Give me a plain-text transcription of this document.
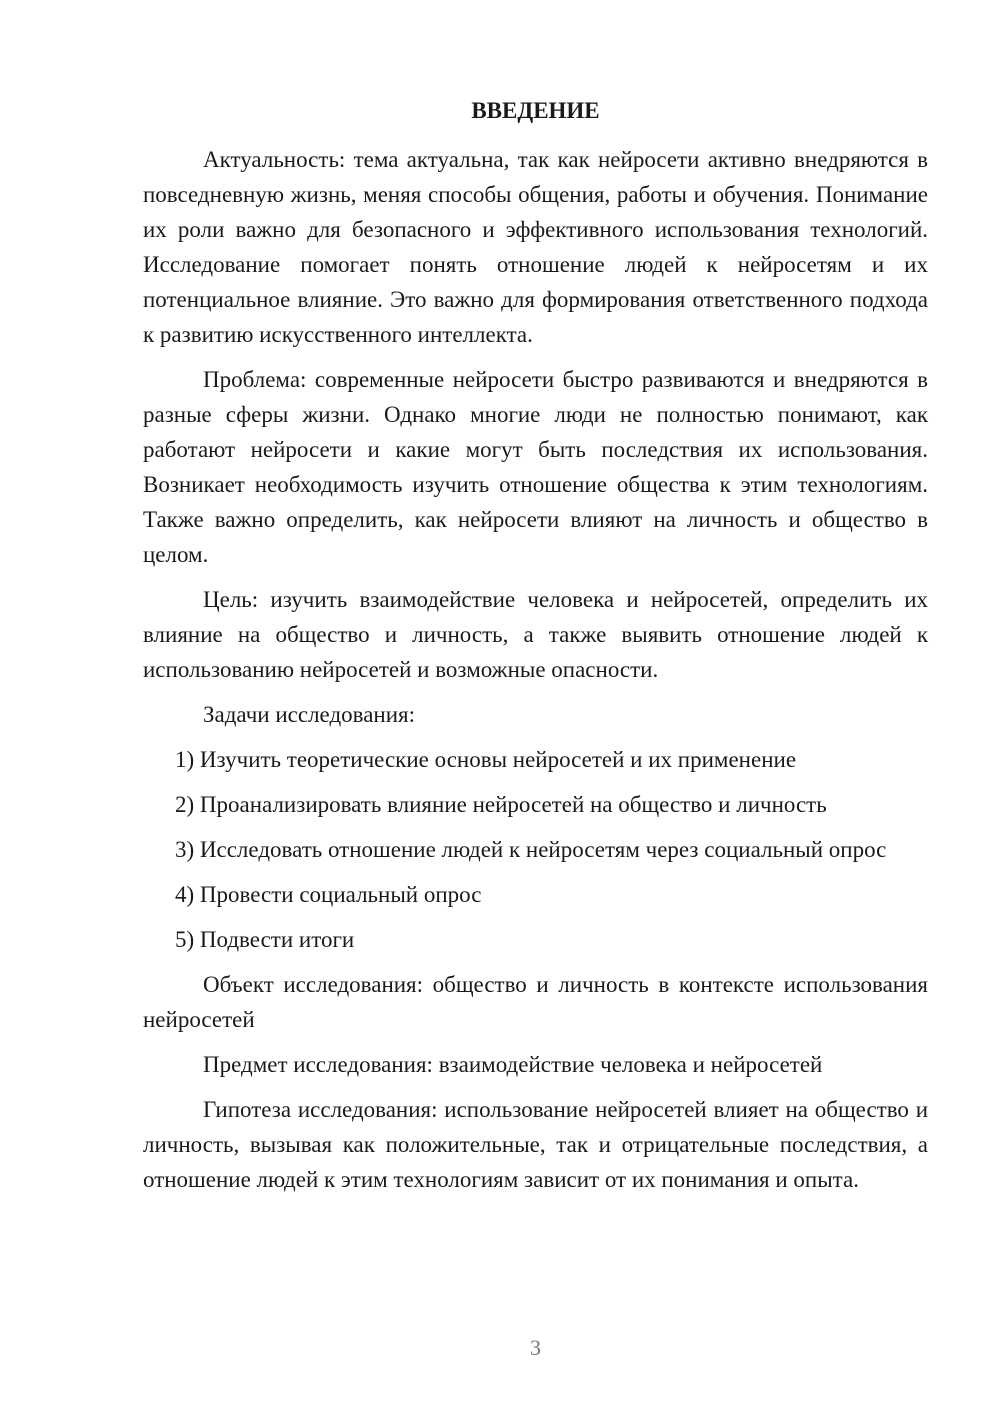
ВВЕДЕНИЕ

Актуальность: тема актуальна, так как нейросети активно внедряются в повседневную жизнь, меняя способы общения, работы и обучения. Понимание их роли важно для безопасного и эффективного использования технологий. Исследование помогает понять отношение людей к нейросетям и их потенциальное влияние. Это важно для формирования ответственного подхода к развитию искусственного интеллекта.

Проблема: современные нейросети быстро развиваются и внедряются в разные сферы жизни. Однако многие люди не полностью понимают, как работают нейросети и какие могут быть последствия их использования. Возникает необходимость изучить отношение общества к этим технологиям. Также важно определить, как нейросети влияют на личность и общество в целом.

Цель: изучить взаимодействие человека и нейросетей, определить их влияние на общество и личность, а также выявить отношение людей к использованию нейросетей и возможные опасности.

Задачи исследования:

1) Изучить теоретические основы нейросетей и их применение

2) Проанализировать влияние нейросетей на общество и личность

3) Исследовать отношение людей к нейросетям через социальный опрос

4) Провести социальный опрос

5) Подвести итоги

Объект исследования: общество и личность в контексте использования нейросетей

Предмет исследования: взаимодействие человека и нейросетей

Гипотеза исследования: использование нейросетей влияет на общество и личность, вызывая как положительные, так и отрицательные последствия, а отношение людей к этим технологиям зависит от их понимания и опыта.

3
